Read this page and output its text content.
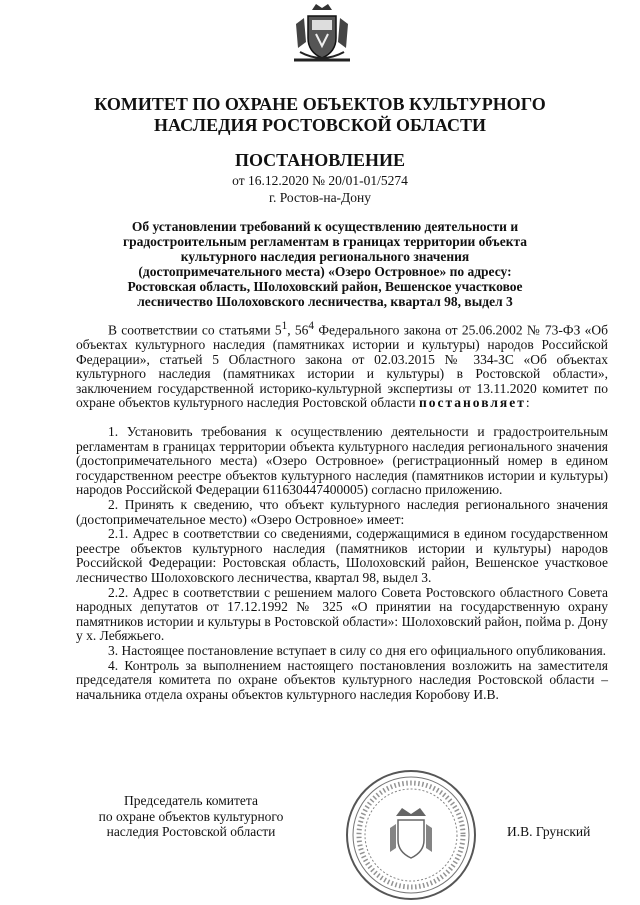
КОМИТЕТ ПО ОХРАНЕ ОБЪЕКТОВ КУЛЬТУРНОГО
НАСЛЕДИЯ РОСТОВСКОЙ ОБЛАСТИ
ПОСТАНОВЛЕНИЕ
от 16.12.2020 № 20/01-01/5274
г. Ростов-на-Дону
Об установлении требований к осуществлению деятельности и градостроительным регламентам в границах территории объекта культурного наследия регионального значения (достопримечательного места) «Озеро Островное» по адресу: Ростовская область, Шолоховский район, Вешенское участковое лесничество Шолоховского лесничества, квартал 98, выдел 3

В соответствии со статьями $5^1$, $56^4$ Федерального закона от 25.06.2002 № 73-ФЗ «Об объектах культурного наследия (памятниках истории и культуры) народов Российской Федерации», статьей 5 Областного закона от 02.03.2015 № 334-ЗС «Об объектах культурного наследия (памятниках истории и культуры) в Ростовской области», заключением государственной историко-культурной экспертизы от 13.11.2020 комитет по охране объектов культурного наследия Ростовской области постановляет:

1. Установить требования к осуществлению деятельности и градостроительным регламентам в границах территории объекта культурного наследия регионального значения (достопримечательного места) «Озеро Островное» (регистрационный номер в едином государственном реестре объектов культурного наследия (памятников истории и культуры) народов Российской Федерации 611630447400005) согласно приложению.

2. Принять к сведению, что объект культурного наследия регионального значения (достопримечательное место) «Озеро Островное» имеет:

2.1. Адрес в соответствии со сведениями, содержащимися в едином государственном реестре объектов культурного наследия (памятников истории и культуры) народов Российской Федерации: Ростовская область, Шолоховский район, Вешенское участковое лесничество Шолоховского лесничества, квартал 98, выдел 3.

2.2. Адрес в соответствии с решением малого Совета Ростовского областного Совета народных депутатов от 17.12.1992 № 325 «О принятии на государственную охрану памятников истории и культуры в Ростовской области»: Шолоховский район, пойма р. Дону у х. Лебяжьего.

3. Настоящее постановление вступает в силу со дня его официального опубликования.

4. Контроль за выполнением настоящего постановления возложить на заместителя председателя комитета по охране объектов культурного наследия Ростовской области – начальника отдела охраны объектов культурного наследия Коробову И.В.

Председатель комитета
по охране объектов культурного
наследия Ростовской области	И.В. Грунский
